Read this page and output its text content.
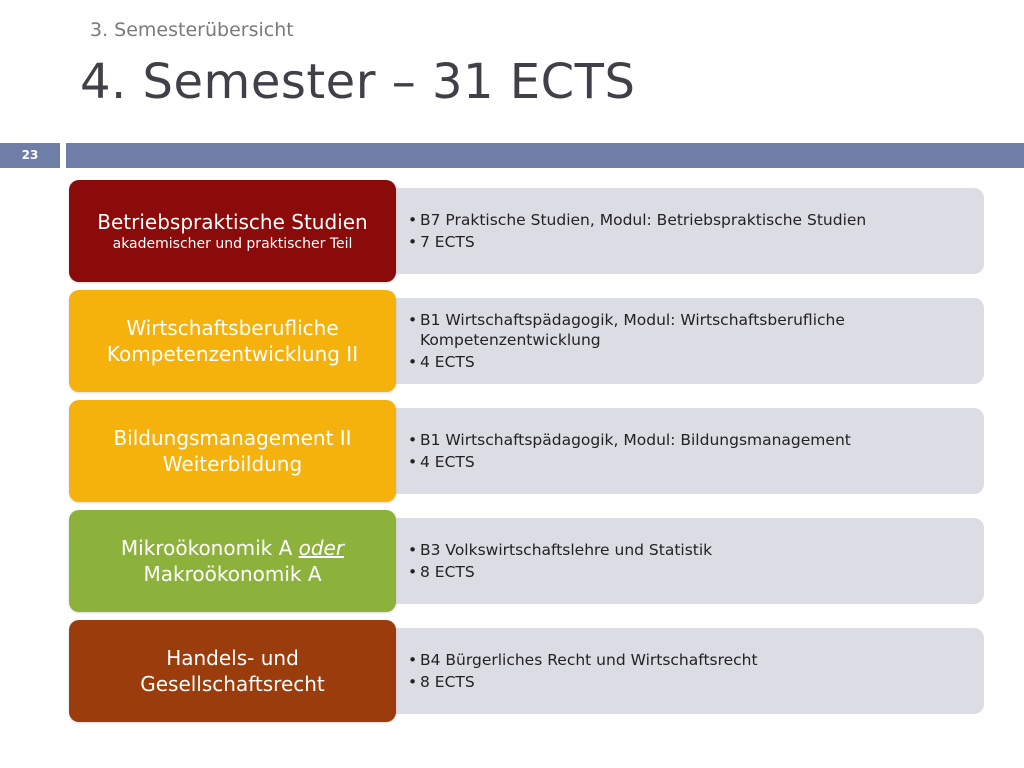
3. Semesterübersicht
4. Semester – 31 ECTS
23
• B7 Praktische Studien, Modul: Betriebspraktische Studien
• 7 ECTS
Betriebspraktische Studien
akademischer und praktischer Teil
• B1 Wirtschaftspädagogik, Modul: Wirtschaftsberufliche Kompetenzentwicklung
• 4 ECTS
Wirtschaftsberufliche
Kompetenzentwicklung II
• B1 Wirtschaftspädagogik, Modul: Bildungsmanagement
• 4 ECTS
Bildungsmanagement II
Weiterbildung
• B3 Volkswirtschaftslehre und Statistik
• 8 ECTS
Mikroökonomik A oder
Makroökonomik A
• B4 Bürgerliches Recht und Wirtschaftsrecht
• 8 ECTS
Handels- und
Gesellschaftsrecht
